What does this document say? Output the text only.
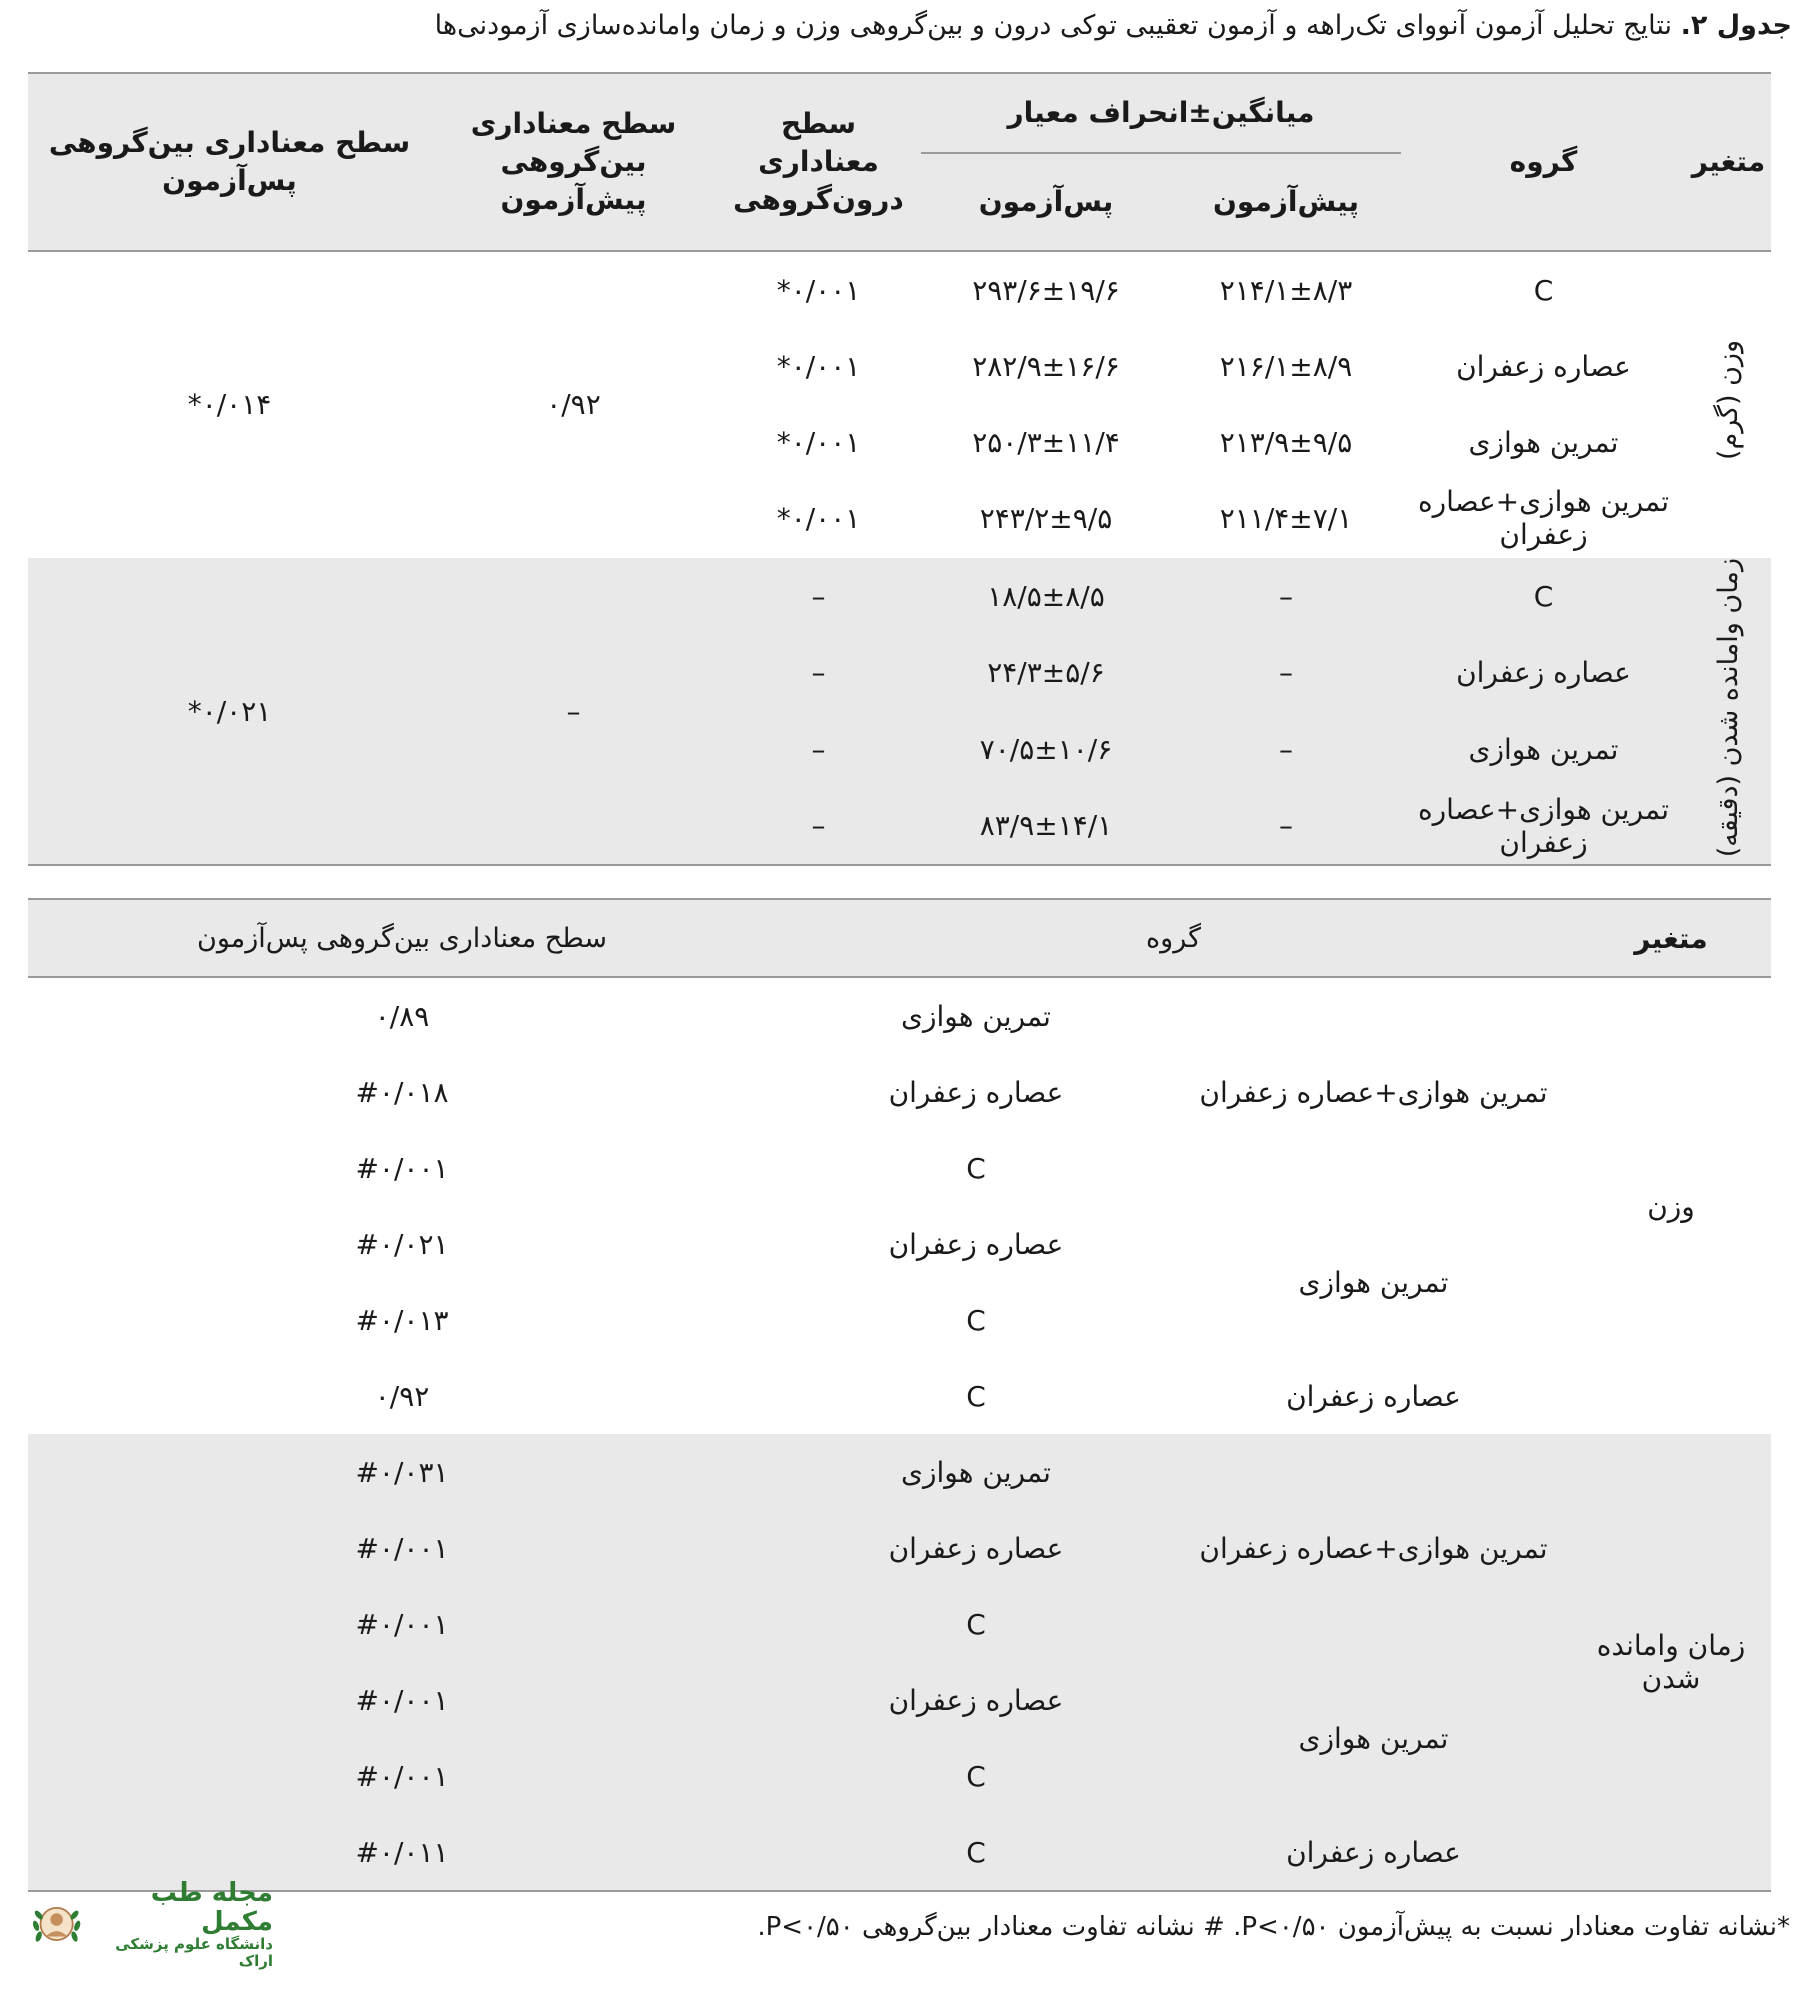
جدول ۲. نتایج تحلیل آزمون آنووای تک‌راهه و آزمون تعقیبی توکی درون و بین‌گروهی وزن و زمان وامانده‌سازی آزمودنی‌ها
متغیر	گروه	میانگین±انحراف معیار		سطح معناداری درون‌گروهی	سطح معناداری بین‌گروهی پیش‌آزمون	سطح معناداری بین‌گروهی پس‌آزمون
		پیش‌آزمون	پس‌آزمون			
وزن (گرم)	C	۲۱۴/۱±۸/۳	۲۹۳/۶±۱۹/۶	*۰/۰۰۱	۰/۹۲	*۰/۰۱۴
	عصاره زعفران	۲۱۶/۱±۸/۹	۲۸۲/۹±۱۶/۶	*۰/۰۰۱		
	تمرین هوازی	۲۱۳/۹±۹/۵	۲۵۰/۳±۱۱/۴	*۰/۰۰۱		
	تمرین هوازی+عصاره زعفران	۲۱۱/۴±۷/۱	۲۴۳/۲±۹/۵	*۰/۰۰۱		
زمان وامانده شدن (دقیقه)	C	–	۱۸/۵±۸/۵	–	–	*۰/۰۲۱
	عصاره زعفران	–	۲۴/۳±۵/۶	–		
	تمرین هوازی	–	۷۰/۵±۱۰/۶	–		
	تمرین هوازی+عصاره زعفران	–	۸۳/۹±۱۴/۱	–		
متغیر	گروه		سطح معناداری بین‌گروهی پس‌آزمون
وزن	تمرین هوازی+عصاره زعفران	تمرین هوازی	۰/۸۹
		عصاره زعفران	#۰/۰۱۸
		C	#۰/۰۰۱
	تمرین هوازی	عصاره زعفران	#۰/۰۲۱
		C	#۰/۰۱۳
	عصاره زعفران	C	۰/۹۲
زمان وامانده شدن	تمرین هوازی+عصاره زعفران	تمرین هوازی	#۰/۰۳۱
		عصاره زعفران	#۰/۰۰۱
		C	#۰/۰۰۱
	تمرین هوازی	عصاره زعفران	#۰/۰۰۱
		C	#۰/۰۰۱
	عصاره زعفران	C	#۰/۰۱۱
*نشانه تفاوت معنادار نسبت به پیش‌آزمون P<۰/۵۰. # نشانه تفاوت معنادار بین‌گروهی P<۰/۵۰.
مجله طب مکمل
دانشگاه علوم پزشکی اراک
